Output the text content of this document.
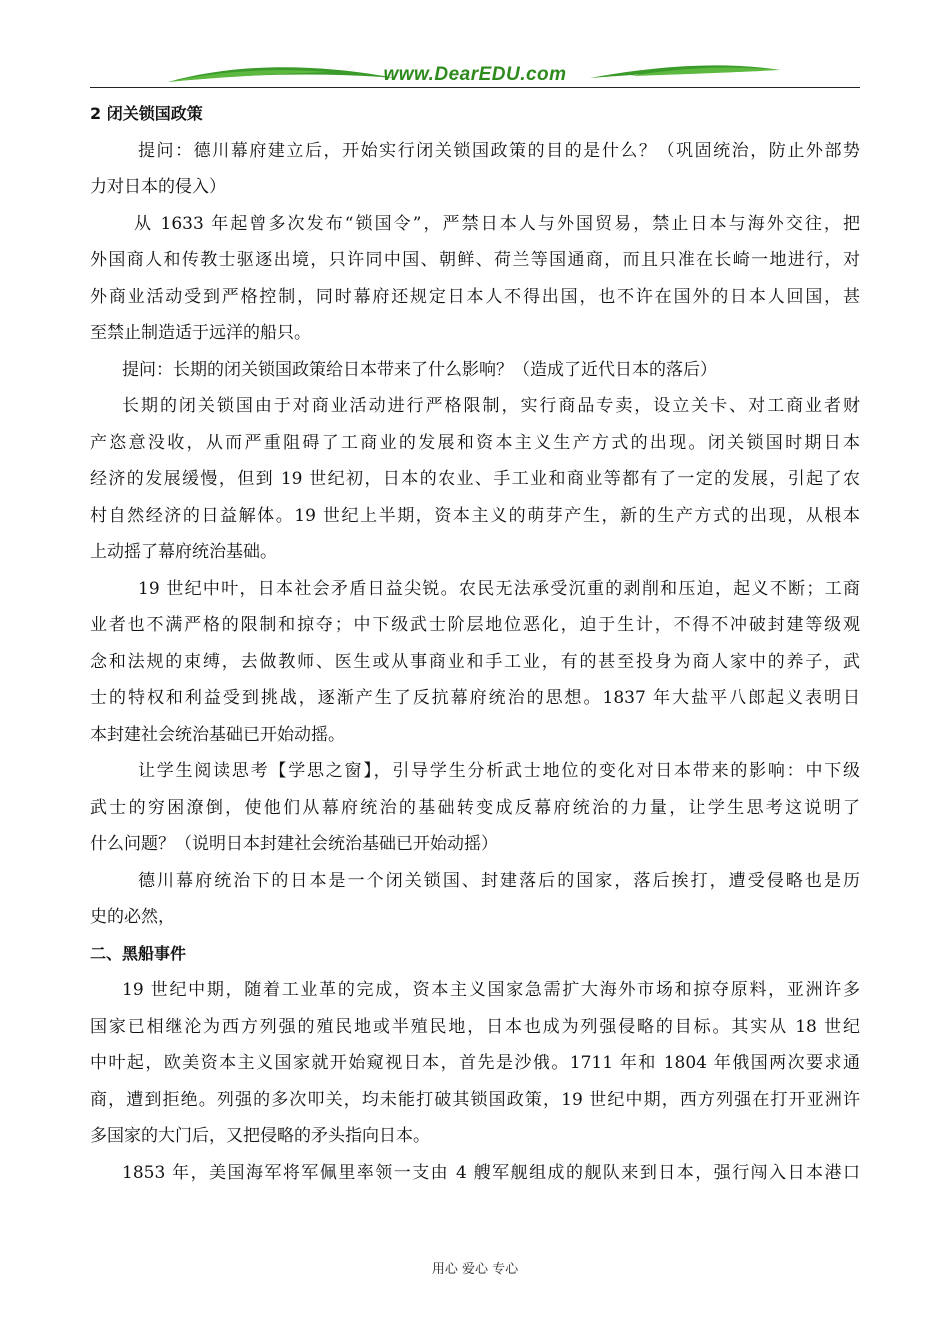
www.DearEDU.com
2 闭关锁国政策
提问：德川幕府建立后，开始实行闭关锁国政策的目的是什么？（巩固统治，防止外部势
力对日本的侵入）
从 1633 年起曾多次发布“锁国令”，严禁日本人与外国贸易，禁止日本与海外交往，把
外国商人和传教士驱逐出境，只许同中国、朝鲜、荷兰等国通商，而且只准在长崎一地进行，对
外商业活动受到严格控制，同时幕府还规定日本人不得出国，也不许在国外的日本人回国，甚
至禁止制造适于远洋的船只。
提问：长期的闭关锁国政策给日本带来了什么影响？（造成了近代日本的落后）
长期的闭关锁国由于对商业活动进行严格限制，实行商品专卖，设立关卡、对工商业者财
产恣意没收，从而严重阻碍了工商业的发展和资本主义生产方式的出现。闭关锁国时期日本
经济的发展缓慢，但到 19 世纪初，日本的农业、手工业和商业等都有了一定的发展，引起了农
村自然经济的日益解体。19 世纪上半期，资本主义的萌芽产生，新的生产方式的出现，从根本
上动摇了幕府统治基础。
19 世纪中叶，日本社会矛盾日益尖锐。农民无法承受沉重的剥削和压迫，起义不断；工商
业者也不满严格的限制和掠夺；中下级武士阶层地位恶化，迫于生计，不得不冲破封建等级观
念和法规的束缚，去做教师、医生或从事商业和手工业，有的甚至投身为商人家中的养子，武
士的特权和利益受到挑战，逐渐产生了反抗幕府统治的思想。1837 年大盐平八郎起义表明日
本封建社会统治基础已开始动摇。
让学生阅读思考【学思之窗】，引导学生分析武士地位的变化对日本带来的影响：中下级
武士的穷困潦倒，使他们从幕府统治的基础转变成反幕府统治的力量，让学生思考这说明了
什么问题？（说明日本封建社会统治基础已开始动摇）
德川幕府统治下的日本是一个闭关锁国、封建落后的国家，落后挨打，遭受侵略也是历
史的必然，
二、黑船事件
19 世纪中期，随着工业革的完成，资本主义国家急需扩大海外市场和掠夺原料，亚洲许多
国家已相继沦为西方列强的殖民地或半殖民地，日本也成为列强侵略的目标。其实从 18 世纪
中叶起，欧美资本主义国家就开始窥视日本，首先是沙俄。1711 年和 1804 年俄国两次要求通
商，遭到拒绝。列强的多次叩关，均未能打破其锁国政策，19 世纪中期，西方列强在打开亚洲许
多国家的大门后，又把侵略的矛头指向日本。
1853 年，美国海军将军佩里率领一支由 4 艘军舰组成的舰队来到日本，强行闯入日本港口
用心 爱心 专心
